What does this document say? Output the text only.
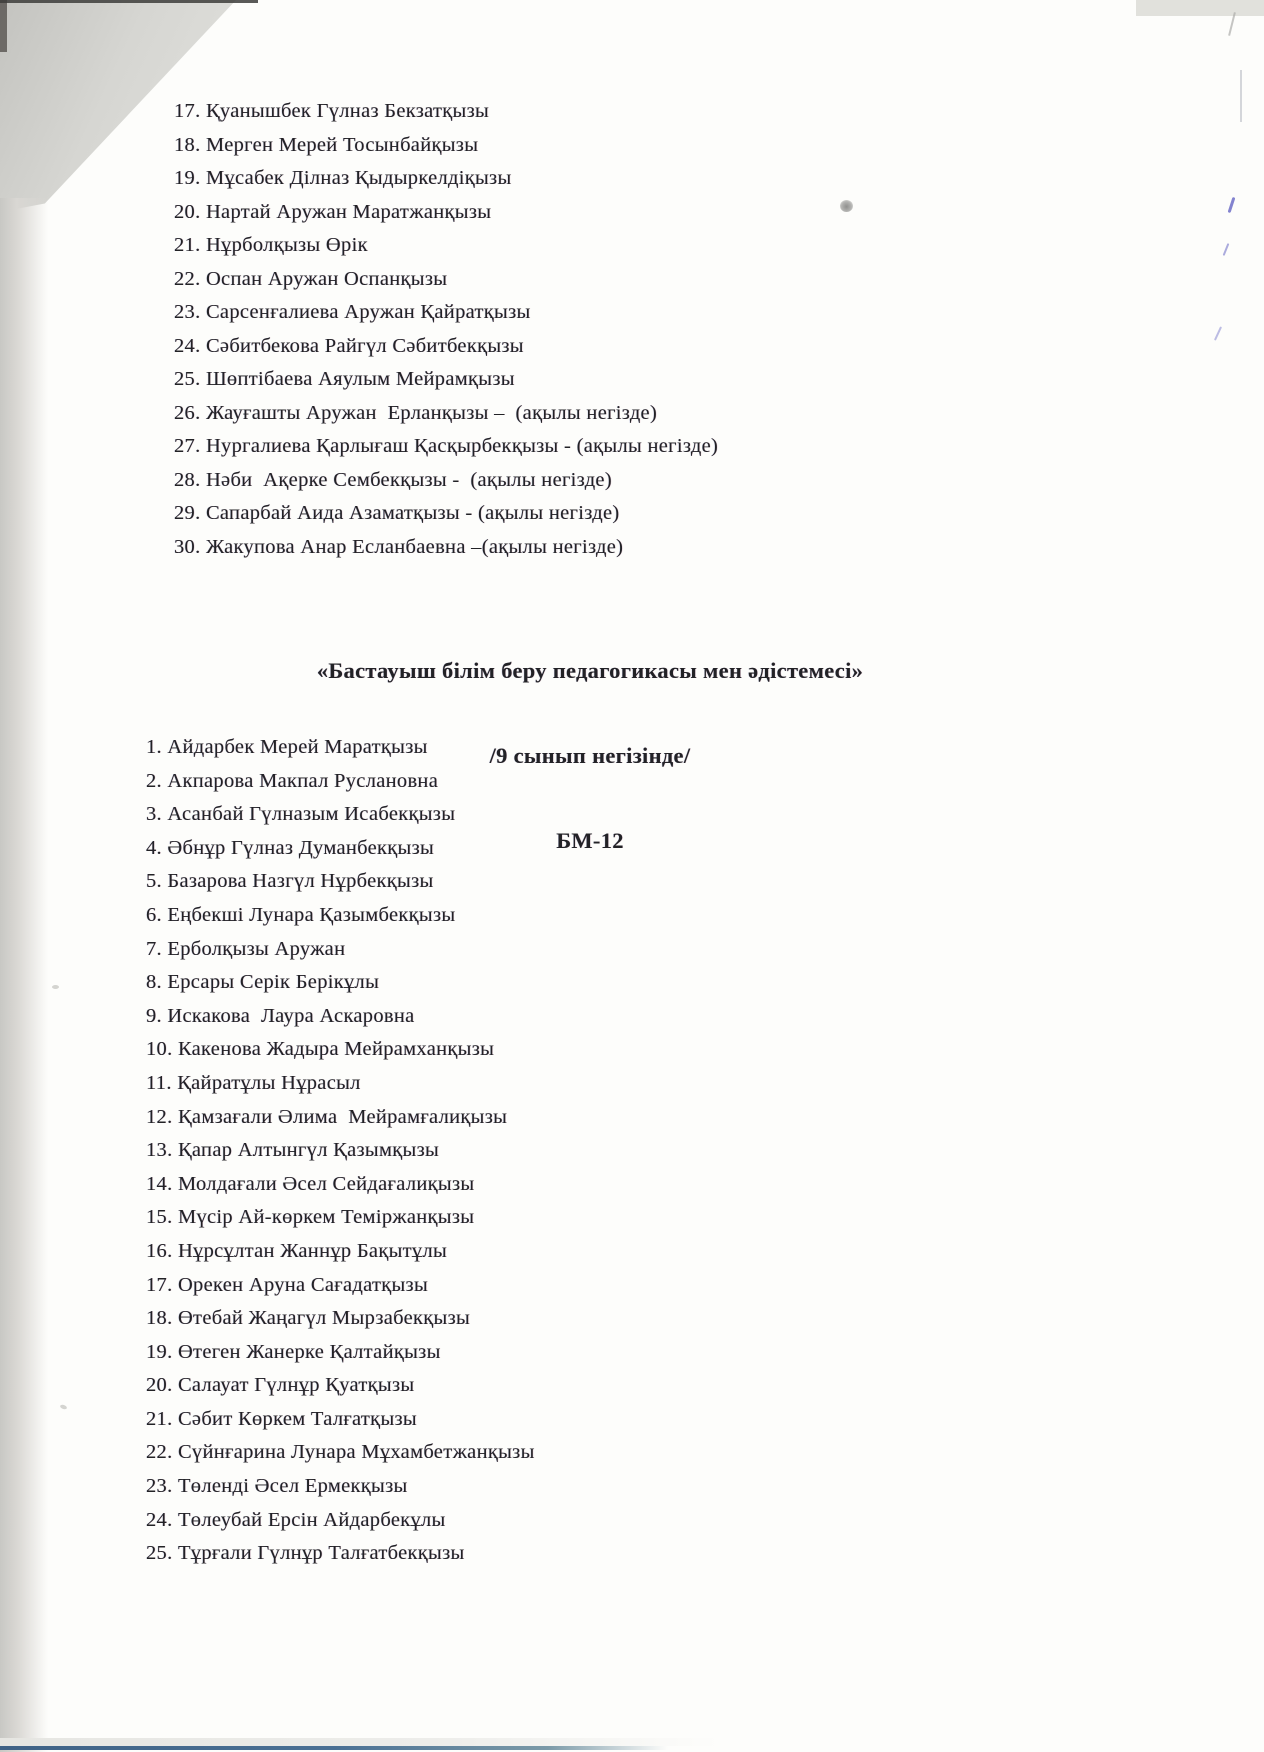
17. Қуанышбек Гүлназ Бекзатқызы
18. Мерген Мерей Тосынбайқызы
19. Мұсабек Ділназ Қыдыркелдіқызы
20. Нартай Аружан Маратжанқызы
21. Нұрболқызы Өрік
22. Оспан Аружан Оспанқызы
23. Сарсенғалиева Аружан Қайратқызы
24. Сәбитбекова Райгүл Сәбитбекқызы
25. Шөптібаева Аяулым Мейрамқызы
26. Жауғашты Аружан  Ерланқызы –  (ақылы негізде)
27. Нургалиева Қарлығаш Қасқырбекқызы - (ақылы негізде)
28. Нәби  Ақерке Сембекқызы -  (ақылы негізде)
29. Сапарбай Аида Азаматқызы - (ақылы негізде)
30. Жакупова Анар Есланбаевна –(ақылы негізде)

«Бастауыш білім беру педагогикасы мен әдістемесі»

/9 сынып негізінде/

БМ-12

1. Айдарбек Мерей Маратқызы
2. Акпарова Макпал Руслановна
3. Асанбай Гүлназым Исабекқызы
4. Әбнұр Гүлназ Думанбекқызы
5. Базарова Назгүл Нұрбекқызы
6. Еңбекші Лунара Қазымбекқызы
7. Ерболқызы Аружан
8. Ерсары Серік Берікұлы
9. Искакова  Лаура Аскаровна
10. Какенова Жадыра Мейрамханқызы
11. Қайратұлы Нұрасыл
12. Қамзағали Әлима  Мейрамғалиқызы
13. Қапар Алтынгүл Қазымқызы
14. Молдағали Әсел Сейдағалиқызы
15. Мүсір Ай-көркем Теміржанқызы
16. Нұрсұлтан Жаннұр Бақытұлы
17. Орекен Аруна Сағадатқызы
18. Өтебай Жаңагүл Мырзабекқызы
19. Өтеген Жанерке Қалтайқызы
20. Салауат Гүлнұр Қуатқызы
21. Сәбит Көркем Талғатқызы
22. Сүйнғарина Лунара Мұхамбетжанқызы
23. Төленді Әсел Ермекқызы
24. Төлеубай Ерсін Айдарбекұлы
25. Тұрғали Гүлнұр Талғатбекқызы
